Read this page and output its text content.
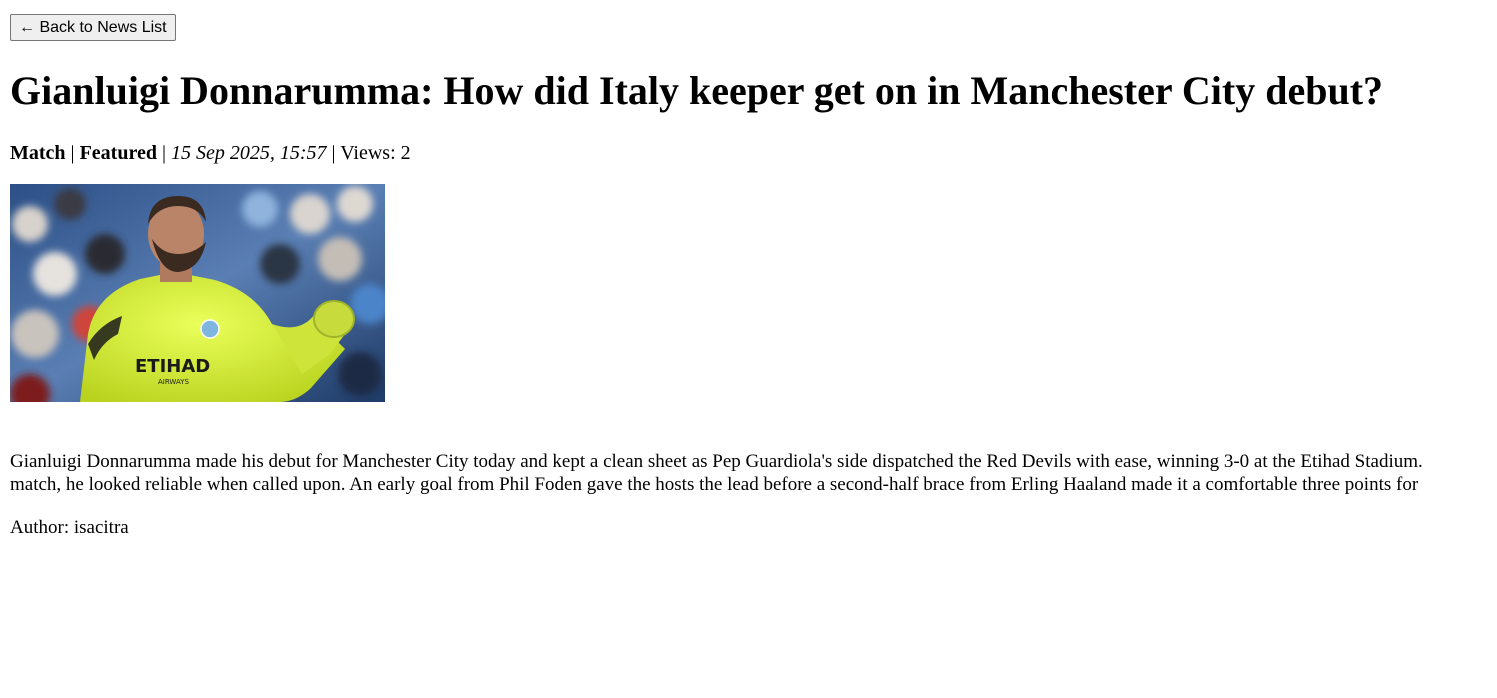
← Back to News List
Gianluigi Donnarumma: How did Italy keeper get on in Manchester City debut?
Match | Featured | 15 Sep 2025, 15:57 | Views: 2
ETIHAD
AIRWAYS
Gianluigi Donnarumma made his debut for Manchester City today and kept a clean sheet as Pep Guardiola's side dispatched the Red Devils with ease, winning 3-0 at the Etihad Stadium.
match, he looked reliable when called upon. An early goal from Phil Foden gave the hosts the lead before a second-half brace from Erling Haaland made it a comfortable three points for
Author: isacitra
